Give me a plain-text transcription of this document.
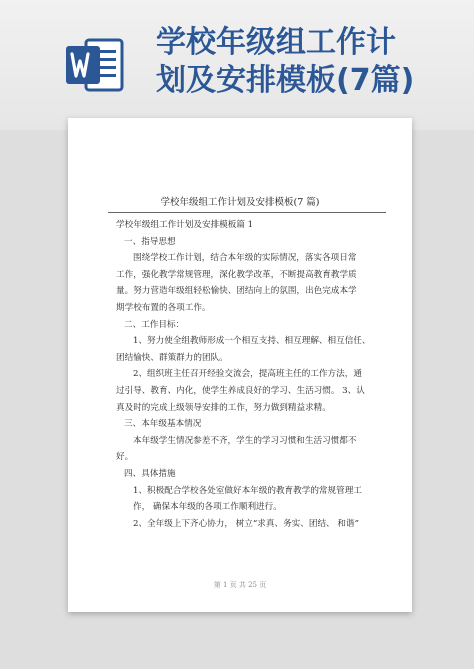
学校年级组工作计
划及安排模板(7篇)
学校年级组工作计划及安排模板(7 篇)

学校年级组工作计划及安排模板篇 1

一、指导思想

围绕学校工作计划，结合本年级的实际情况，落实各项日常

工作，强化教学常规管理，深化教学改革，不断提高教育教学质

量。努力营造年级组轻松愉快、团结向上的氛围，出色完成本学

期学校布置的各项工作。

二、工作目标：

1、努力使全组教师形成一个相互支持、相互理解、相互信任、

团结愉快、群策群力的团队。

2、组织班主任召开经验交流会，提高班主任的工作方法，通

过引导、教育、内化，使学生养成良好的学习、生活习惯。 3、认

真及时的完成上级领导安排的工作，努力做到精益求精。

三、本年级基本情况

本年级学生情况参差不齐，学生的学习习惯和生活习惯都不

好。

四、具体措施

1、积极配合学校各处室做好本年级的教育教学的常规管理工

作， 确保本年级的各项工作顺利进行。

2、全年级上下齐心协力， 树立“求真、务实、团结、 和谐”

第 1 页 共 25 页
